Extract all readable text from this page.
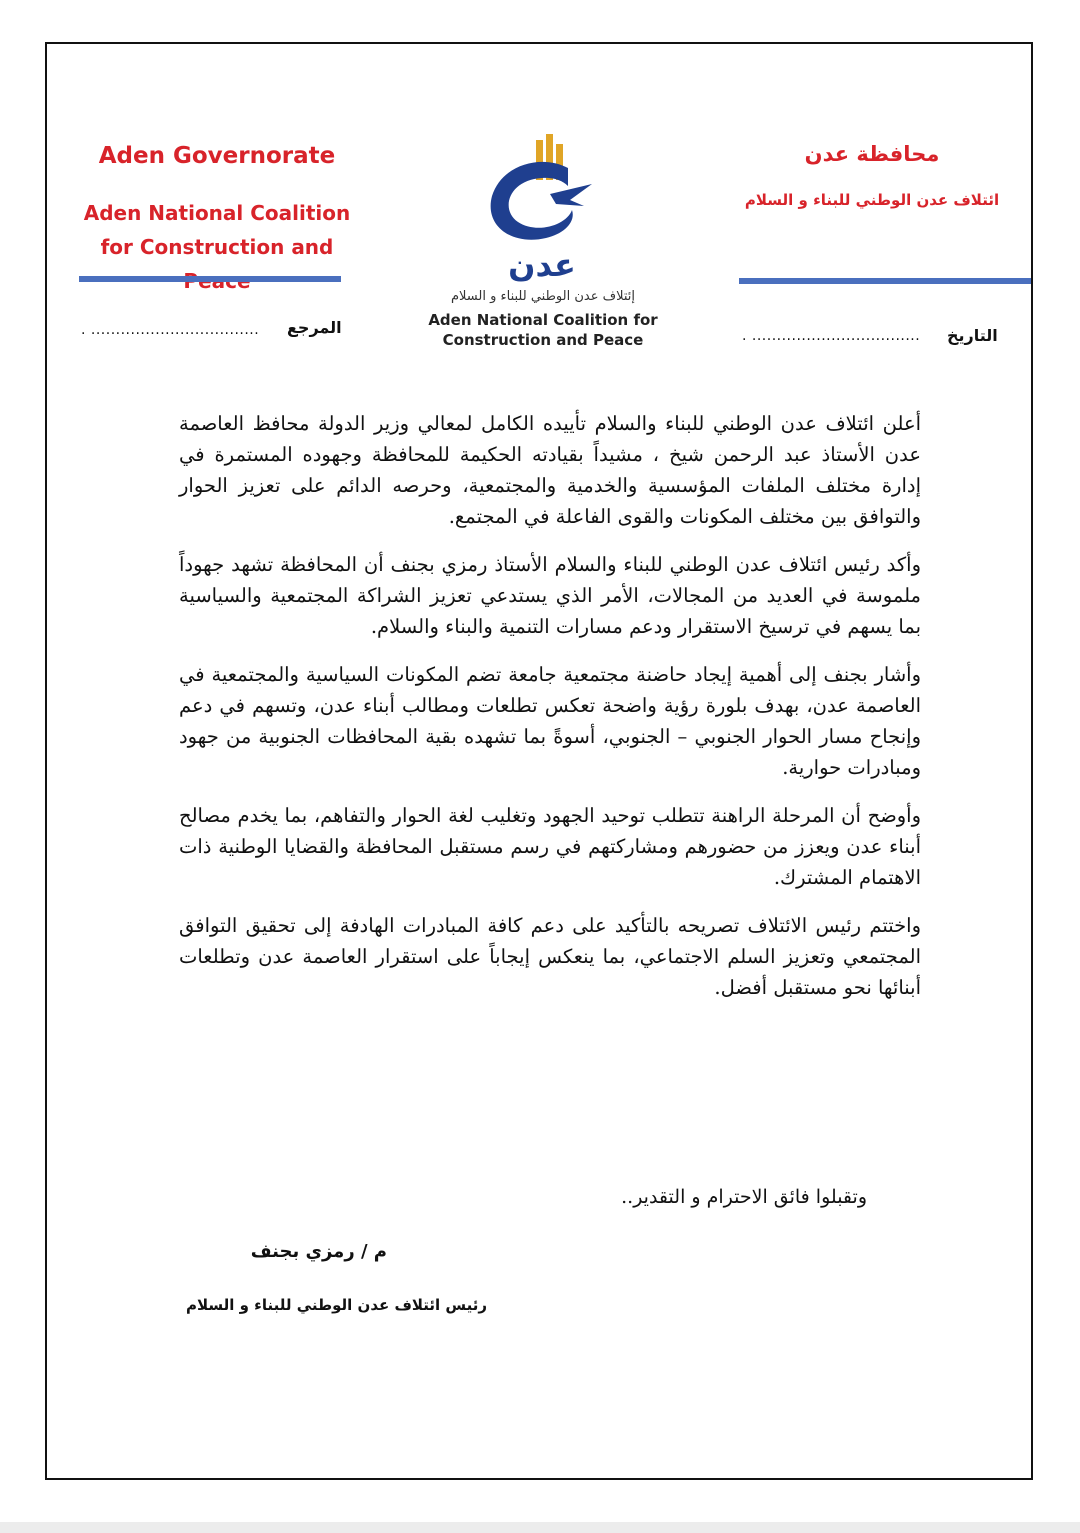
Aden Governorate
Aden National Coalition for Construction and
محافظة عدن
ائتلاف عدن الوطني للبناء و السلام
عدن
إئتلاف عدن الوطني للبناء و السلام
Aden National Coalition for Construction and Peace
المرجع
. ..................................	التاريخ
. ..................................

أعلن ائتلاف عدن الوطني للبناء والسلام تأييده الكامل لمعالي وزير الدولة محافظ العاصمة عدن الأستاذ عبد الرحمن شيخ ، مشيداً بقيادته الحكيمة للمحافظة وجهوده المستمرة في إدارة مختلف الملفات المؤسسية والخدمية والمجتمعية، وحرصه الدائم على تعزيز الحوار والتوافق بين مختلف المكونات والقوى الفاعلة في المجتمع.

وأكد رئيس ائتلاف عدن الوطني للبناء والسلام الأستاذ رمزي بجنف أن المحافظة تشهد جهوداً ملموسة في العديد من المجالات، الأمر الذي يستدعي تعزيز الشراكة المجتمعية والسياسية بما يسهم في ترسيخ الاستقرار ودعم مسارات التنمية والبناء والسلام.

وأشار بجنف إلى أهمية إيجاد حاضنة مجتمعية جامعة تضم المكونات السياسية والمجتمعية في العاصمة عدن، بهدف بلورة رؤية واضحة تعكس تطلعات ومطالب أبناء عدن، وتسهم في دعم وإنجاح مسار الحوار الجنوبي – الجنوبي، أسوةً بما تشهده بقية المحافظات الجنوبية من جهود ومبادرات حوارية.

وأوضح أن المرحلة الراهنة تتطلب توحيد الجهود وتغليب لغة الحوار والتفاهم، بما يخدم مصالح أبناء عدن ويعزز من حضورهم ومشاركتهم في رسم مستقبل المحافظة والقضايا الوطنية ذات الاهتمام المشترك.

واختتم رئيس الائتلاف تصريحه بالتأكيد على دعم كافة المبادرات الهادفة إلى تحقيق التوافق المجتمعي وتعزيز السلم الاجتماعي، بما ينعكس إيجاباً على استقرار العاصمة عدن وتطلعات أبنائها نحو مستقبل أفضل.

وتقبلوا فائق الاحترام و التقدير..
م / رمزي بجنف
رئيس ائتلاف عدن الوطني للبناء و السلام
